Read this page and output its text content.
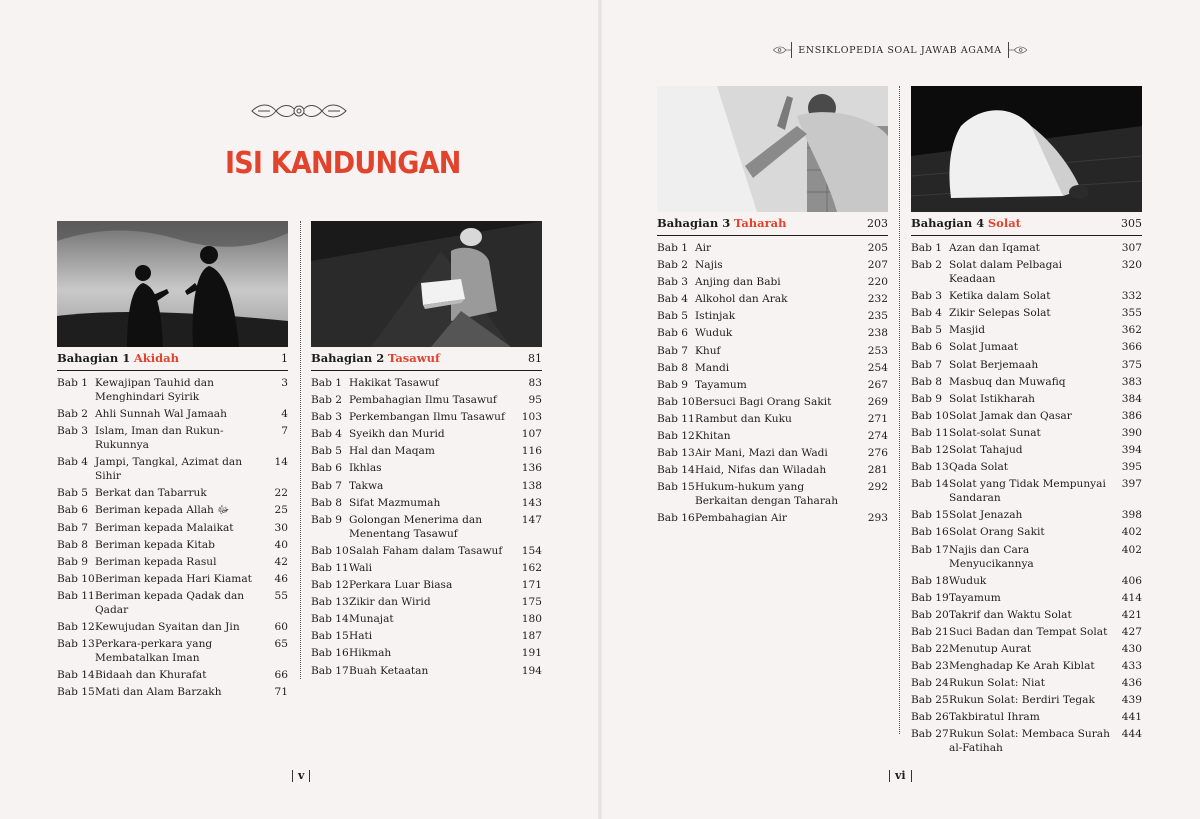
ISI KANDUNGAN
ENSIKLOPEDIA SOAL JAWAB AGAMA
Bahagian 1 Akidah	1
Bab 1 Kewajipan Tauhid dan Menghindari Syirik
3
Bab 2 Ahli Sunnah Wal Jamaah	4
Bab 3 Islam, Iman dan Rukun-Rukunnya
7
Bab 4 Jampi, Tangkal, Azimat dan Sihir
14
Bab 5 Berkat dan Tabarruk	22
Bab 6 Beriman kepada Allah ﷻ	25
Bab 7 Beriman kepada Malaikat	30
Bab 8 Beriman kepada Kitab	40
Bab 9 Beriman kepada Rasul	42
Bab 10 Beriman kepada Hari Kiamat	46
Bab 11 Beriman kepada Qadak dan Qadar
55
Bab 12 Kewujudan Syaitan dan Jin	60
Bab 13 Perkara-perkara yang Membatalkan Iman
65
Bab 14 Bidaah dan Khurafat	66
Bab 15 Mati dan Alam Barzakh	71
Bahagian 2 Tasawuf	81
Bab 1 Hakikat Tasawuf	83
Bab 2 Pembahagian Ilmu Tasawuf	95
Bab 3 Perkembangan Ilmu Tasawuf	103
Bab 4 Syeikh dan Murid	107
Bab 5 Hal dan Maqam	116
Bab 6 Ikhlas	136
Bab 7 Takwa	138
Bab 8 Sifat Mazmumah	143
Bab 9 Golongan Menerima dan Menentang Tasawuf
147
Bab 10 Salah Faham dalam Tasawuf	154
Bab 11 Wali	162
Bab 12 Perkara Luar Biasa	171
Bab 13 Zikir dan Wirid	175
Bab 14 Munajat	180
Bab 15 Hati	187
Bab 16 Hikmah	191
Bab 17 Buah Ketaatan	194
Bahagian 3 Taharah	203
Bab 1 Air	205
Bab 2 Najis	207
Bab 3 Anjing dan Babi	220
Bab 4 Alkohol dan Arak	232
Bab 5 Istinjak	235
Bab 6 Wuduk	238
Bab 7 Khuf	253
Bab 8 Mandi	254
Bab 9 Tayamum	267
Bab 10 Bersuci Bagi Orang Sakit	269
Bab 11 Rambut dan Kuku	271
Bab 12 Khitan	274
Bab 13 Air Mani, Mazi dan Wadi	276
Bab 14 Haid, Nifas dan Wiladah	281
Bab 15 Hukum-hukum yang Berkaitan dengan Taharah
292
Bab 16 Pembahagian Air	293
Bahagian 4 Solat	305
Bab 1 Azan dan Iqamat	307
Bab 2 Solat dalam Pelbagai Keadaan
320
Bab 3 Ketika dalam Solat	332
Bab 4 Zikir Selepas Solat	355
Bab 5 Masjid	362
Bab 6 Solat Jumaat	366
Bab 7 Solat Berjemaah	375
Bab 8 Masbuq dan Muwafiq	383
Bab 9 Solat Istikharah	384
Bab 10 Solat Jamak dan Qasar	386
Bab 11 Solat-solat Sunat	390
Bab 12 Solat Tahajud	394
Bab 13 Qada Solat	395
Bab 14 Solat yang Tidak Mempunyai Sandaran
397
Bab 15 Solat Jenazah	398
Bab 16 Solat Orang Sakit	402
Bab 17 Najis dan Cara Menyucikannya
402
Bab 18 Wuduk	406
Bab 19 Tayamum	414
Bab 20 Takrif dan Waktu Solat	421
Bab 21 Suci Badan dan Tempat Solat	427
Bab 22 Menutup Aurat	430
Bab 23 Menghadap Ke Arah Kiblat	433
Bab 24 Rukun Solat: Niat	436
Bab 25 Rukun Solat: Berdiri Tegak	439
Bab 26 Takbiratul Ihram	441
Bab 27 Rukun Solat: Membaca Surah al-Fatihah
444
v	vi
